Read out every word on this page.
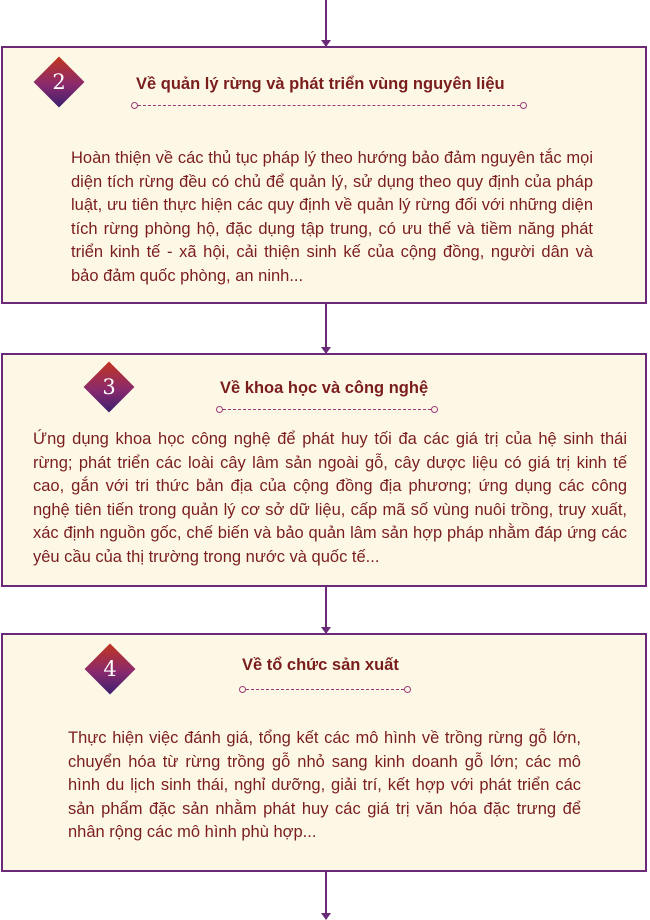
2	Về quản lý rừng và phát triển vùng nguyên liệu
Hoàn thiện về các thủ tục pháp lý theo hướng bảo đảm nguyên tắc mọi diện tích rừng đều có chủ để quản lý, sử dụng theo quy định của pháp luật, ưu tiên thực hiện các quy định về quản lý rừng đối với những diện tích rừng phòng hộ, đặc dụng tập trung, có ưu thế và tiềm năng phát triển kinh tế - xã hội, cải thiện sinh kế của cộng đồng, người dân và bảo đảm quốc phòng, an ninh...
3	Về khoa học và công nghệ
Ứng dụng khoa học công nghệ để phát huy tối đa các giá trị của hệ sinh thái rừng; phát triển các loài cây lâm sản ngoài gỗ, cây dược liệu có giá trị kinh tế cao, gắn với tri thức bản địa của cộng đồng địa phương; ứng dụng các công nghệ tiên tiến trong quản lý cơ sở dữ liệu, cấp mã số vùng nuôi trồng, truy xuất, xác định nguồn gốc, chế biến và bảo quản lâm sản hợp pháp nhằm đáp ứng các yêu cầu của thị trường trong nước và quốc tế...
4	Về tổ chức sản xuất
Thực hiện việc đánh giá, tổng kết các mô hình về trồng rừng gỗ lớn, chuyển hóa từ rừng trồng gỗ nhỏ sang kinh doanh gỗ lớn; các mô hình du lịch sinh thái, nghỉ dưỡng, giải trí, kết hợp với phát triển các sản phẩm đặc sản nhằm phát huy các giá trị văn hóa đặc trưng để nhân rộng các mô hình phù hợp...
